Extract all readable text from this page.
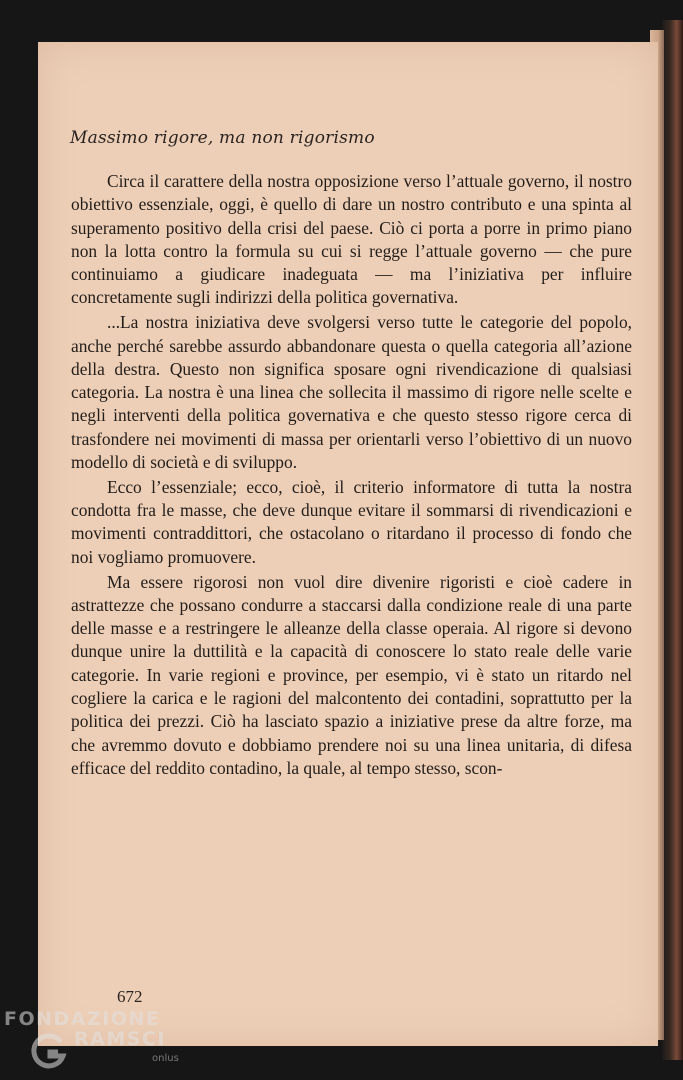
Massimo rigore, ma non rigorismo

Circa il carattere della nostra opposizione verso l’attuale governo, il nostro obiettivo essenziale, oggi, è quello di dare un nostro contributo e una spinta al superamento positivo della crisi del paese. Ciò ci porta a porre in primo piano non la lotta contro la formula su cui si regge l’attuale governo — che pure continuiamo a giudicare inadeguata — ma l’iniziativa per influire concretamente sugli indirizzi della politica governativa.

...La nostra iniziativa deve svolgersi verso tutte le categorie del popolo, anche perché sarebbe assurdo abbandonare questa o quella categoria all’azione della destra. Questo non significa sposare ogni rivendicazione di qualsiasi categoria. La nostra è una linea che sollecita il massimo di rigore nelle scelte e negli interventi della politica governativa e che questo stesso rigore cerca di trasfondere nei movimenti di massa per orientarli verso l’obiettivo di un nuovo modello di società e di sviluppo.

Ecco l’essenziale; ecco, cioè, il criterio informatore di tutta la nostra condotta fra le masse, che deve dunque evitare il sommarsi di rivendicazioni e movimenti contraddittori, che ostacolano o ritardano il processo di fondo che noi vogliamo promuovere.

Ma essere rigorosi non vuol dire divenire rigoristi e cioè cadere in astrattezze che possano condurre a staccarsi dalla condizione reale di una parte delle masse e a restringere le alleanze della classe operaia. Al rigore si devono dunque unire la duttilità e la capacità di conoscere lo stato reale delle varie categorie. In varie regioni e province, per esempio, vi è stato un ritardo nel cogliere la carica e le ragioni del malcontento dei contadini, soprattutto per la politica dei prezzi. Ciò ha lasciato spazio a iniziative prese da altre forze, ma che avremmo dovuto e dobbiamo prendere noi su una linea unitaria, di difesa efficace del reddito contadino, la quale, al tempo stesso, scon-

672
FONDAZIONE
RAMSCI
onlus
